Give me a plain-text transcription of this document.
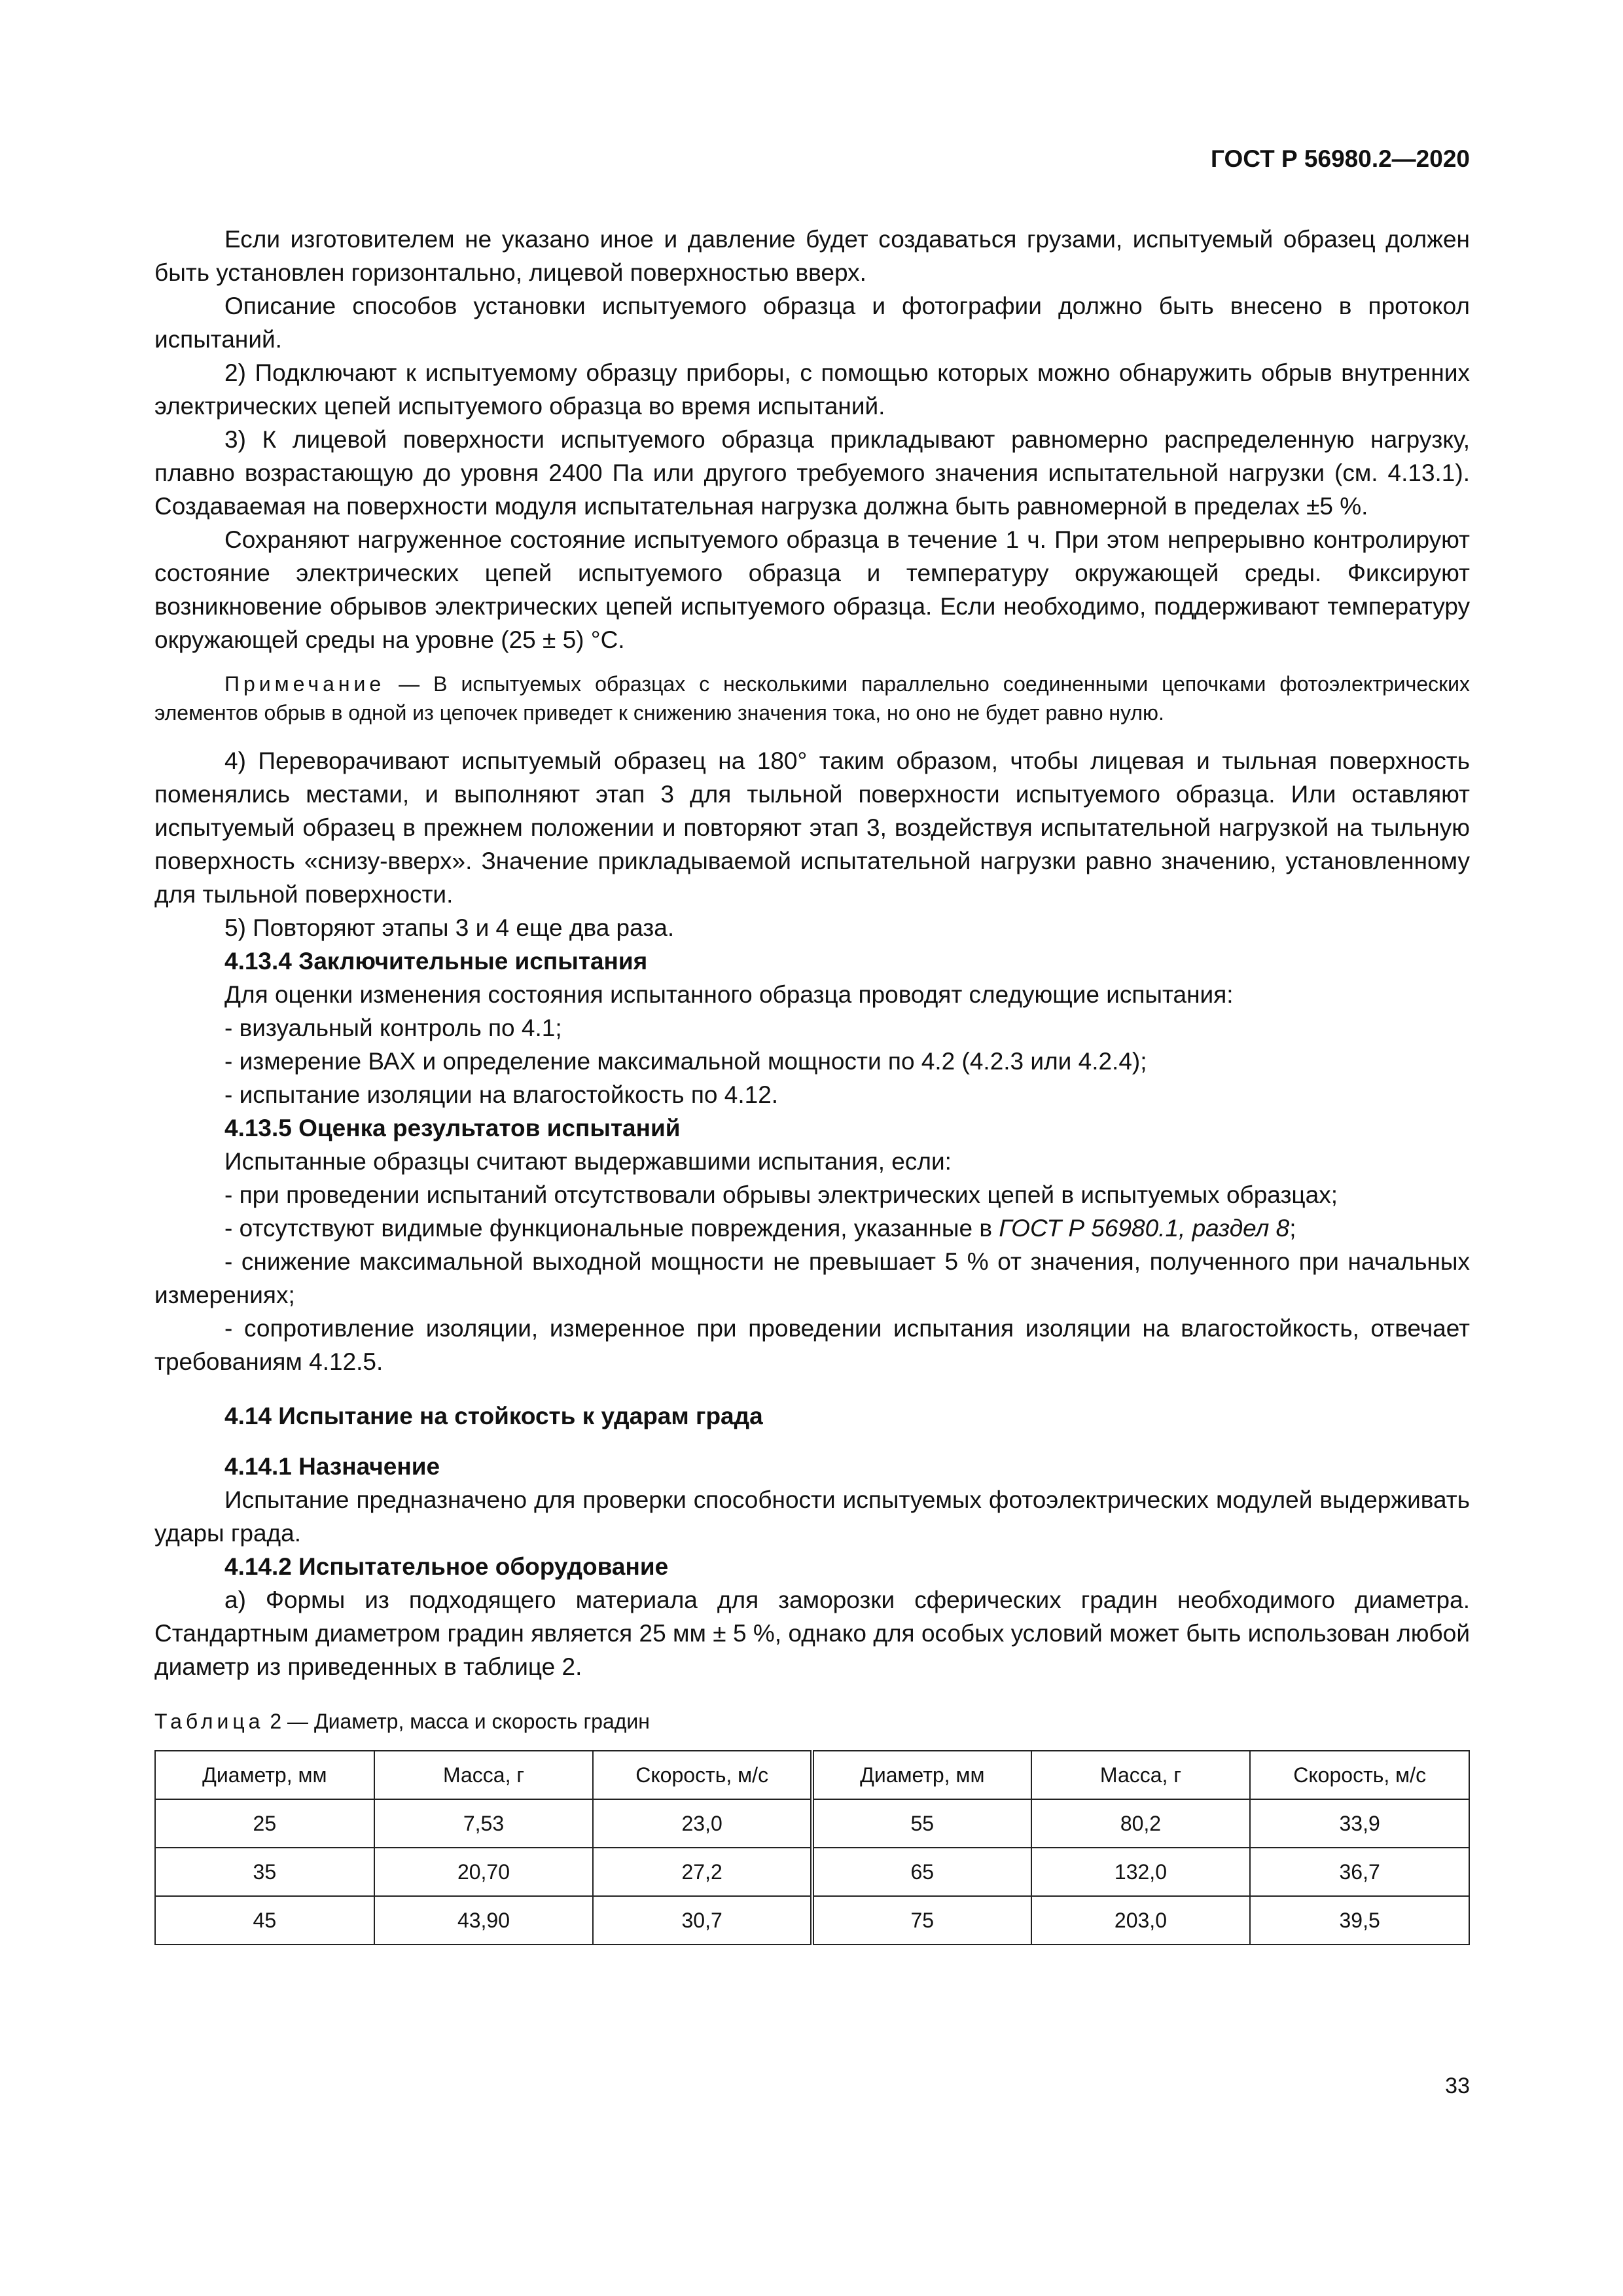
ГОСТ Р 56980.2—2020

Если изготовителем не указано иное и давление будет создаваться грузами, испытуемый образец должен быть установлен горизонтально, лицевой поверхностью вверх.

Описание способов установки испытуемого образца и фотографии должно быть внесено в протокол испытаний.

2) Подключают к испытуемому образцу приборы, с помощью которых можно обнаружить обрыв внутренних электрических цепей испытуемого образца во время испытаний.

3) К лицевой поверхности испытуемого образца прикладывают равномерно распределенную нагрузку, плавно возрастающую до уровня 2400 Па или другого требуемого значения испытательной нагрузки (см. 4.13.1). Создаваемая на поверхности модуля испытательная нагрузка должна быть равномерной в пределах ±5 %.

Сохраняют нагруженное состояние испытуемого образца в течение 1 ч. При этом непрерывно контролируют состояние электрических цепей испытуемого образца и температуру окружающей среды. Фиксируют возникновение обрывов электрических цепей испытуемого образца. Если необходимо, поддерживают температуру окружающей среды на уровне (25 ± 5) °С.

Примечание — В испытуемых образцах с несколькими параллельно соединенными цепочками фотоэлектрических элементов обрыв в одной из цепочек приведет к снижению значения тока, но оно не будет равно нулю.

4) Переворачивают испытуемый образец на 180° таким образом, чтобы лицевая и тыльная поверхность поменялись местами, и выполняют этап 3 для тыльной поверхности испытуемого образца. Или оставляют испытуемый образец в прежнем положении и повторяют этап 3, воздействуя испытательной нагрузкой на тыльную поверхность «снизу-вверх». Значение прикладываемой испытательной нагрузки равно значению, установленному для тыльной поверхности.

5) Повторяют этапы 3 и 4 еще два раза.

4.13.4 Заключительные испытания

Для оценки изменения состояния испытанного образца проводят следующие испытания:

- визуальный контроль по 4.1;

- измерение ВАХ и определение максимальной мощности по 4.2 (4.2.3 или 4.2.4);

- испытание изоляции на влагостойкость по 4.12.

4.13.5 Оценка результатов испытаний

Испытанные образцы считают выдержавшими испытания, если:

- при проведении испытаний отсутствовали обрывы электрических цепей в испытуемых образцах;

- отсутствуют видимые функциональные повреждения, указанные в ГОСТ Р 56980.1, раздел 8;

- снижение максимальной выходной мощности не превышает 5 % от значения, полученного при начальных измерениях;

- сопротивление изоляции, измеренное при проведении испытания изоляции на влагостойкость, отвечает требованиям 4.12.5.

4.14 Испытание на стойкость к ударам града

4.14.1 Назначение

Испытание предназначено для проверки способности испытуемых фотоэлектрических модулей выдерживать удары града.

4.14.2 Испытательное оборудование

а) Формы из подходящего материала для заморозки сферических градин необходимого диаметра. Стандартным диаметром градин является 25 мм ± 5 %, однако для особых условий может быть использован любой диаметр из приведенных в таблице 2.

Таблица 2 — Диаметр, масса и скорость градин

Диаметр, мм	Масса, г	Скорость, м/с	Диаметр, мм	Масса, г	Скорость, м/с
25	7,53	23,0	55	80,2	33,9
35	20,70	27,2	65	132,0	36,7
45	43,90	30,7	75	203,0	39,5
33
